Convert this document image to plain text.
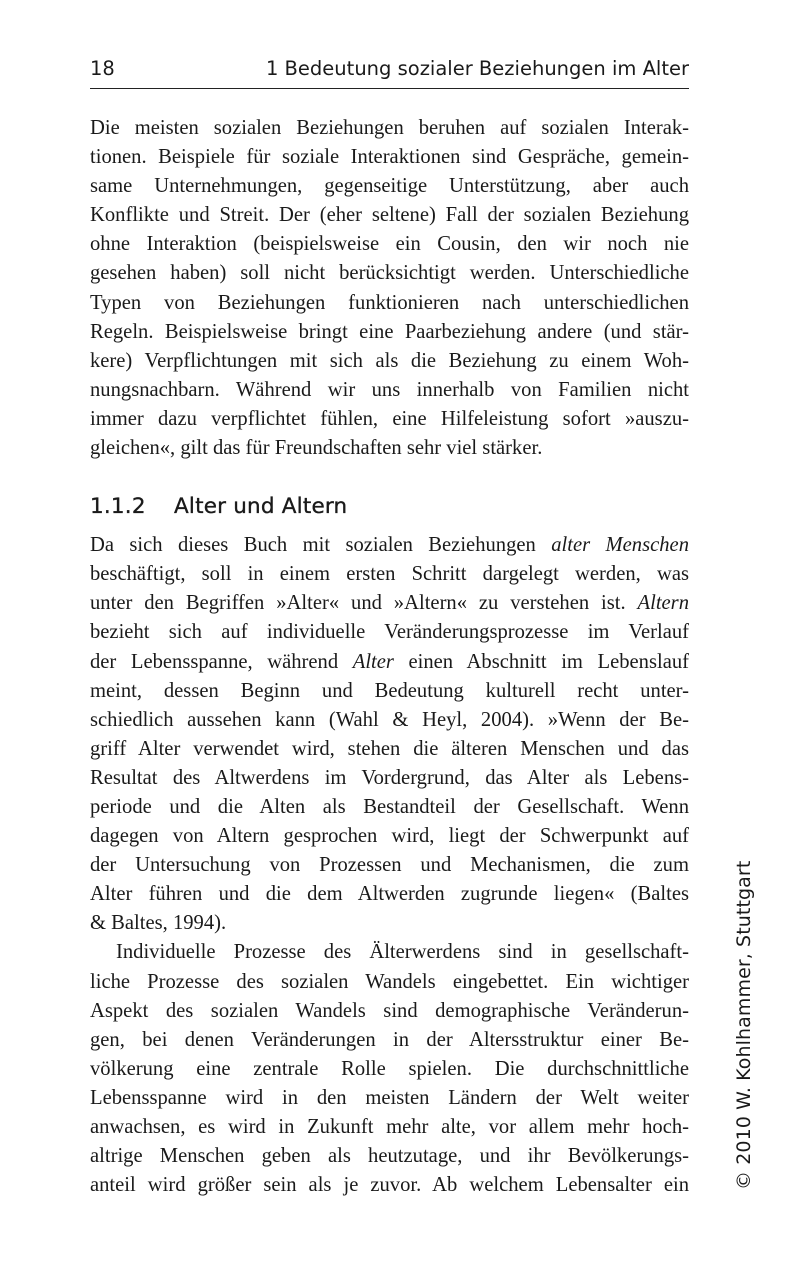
18	1 Bedeutung sozialer Beziehungen im Alter
Die meisten sozialen Beziehungen beruhen auf sozialen Interak-
tionen. Beispiele für soziale Interaktionen sind Gespräche, gemein-
same Unternehmungen, gegenseitige Unterstützung, aber auch
Konflikte und Streit. Der (eher seltene) Fall der sozialen Beziehung
ohne Interaktion (beispielsweise ein Cousin, den wir noch nie
gesehen haben) soll nicht berücksichtigt werden. Unterschiedliche
Typen von Beziehungen funktionieren nach unterschiedlichen
Regeln. Beispielsweise bringt eine Paarbeziehung andere (und stär-
kere) Verpflichtungen mit sich als die Beziehung zu einem Woh-
nungsnachbarn. Während wir uns innerhalb von Familien nicht
immer dazu verpflichtet fühlen, eine Hilfeleistung sofort »auszu-
gleichen«, gilt das für Freundschaften sehr viel stärker.
1.1.2 Alter und Altern
Da sich dieses Buch mit sozialen Beziehungen alter Menschen
beschäftigt, soll in einem ersten Schritt dargelegt werden, was
unter den Begriffen »Alter« und »Altern« zu verstehen ist. Altern
bezieht sich auf individuelle Veränderungsprozesse im Verlauf
der Lebensspanne, während Alter einen Abschnitt im Lebenslauf
meint, dessen Beginn und Bedeutung kulturell recht unter-
schiedlich aussehen kann (Wahl & Heyl, 2004). »Wenn der Be-
griff Alter verwendet wird, stehen die älteren Menschen und das
Resultat des Altwerdens im Vordergrund, das Alter als Lebens-
periode und die Alten als Bestandteil der Gesellschaft. Wenn
dagegen von Altern gesprochen wird, liegt der Schwerpunkt auf
der Untersuchung von Prozessen und Mechanismen, die zum
Alter führen und die dem Altwerden zugrunde liegen« (Baltes
& Baltes, 1994).
Individuelle Prozesse des Älterwerdens sind in gesellschaft-
liche Prozesse des sozialen Wandels eingebettet. Ein wichtiger
Aspekt des sozialen Wandels sind demographische Veränderun-
gen, bei denen Veränderungen in der Altersstruktur einer Be-
völkerung eine zentrale Rolle spielen. Die durchschnittliche
Lebensspanne wird in den meisten Ländern der Welt weiter
anwachsen, es wird in Zukunft mehr alte, vor allem mehr hoch-
altrige Menschen geben als heutzutage, und ihr Bevölkerungs-
anteil wird größer sein als je zuvor. Ab welchem Lebensalter ein © 2010 W. Kohlhammer, Stuttgart
